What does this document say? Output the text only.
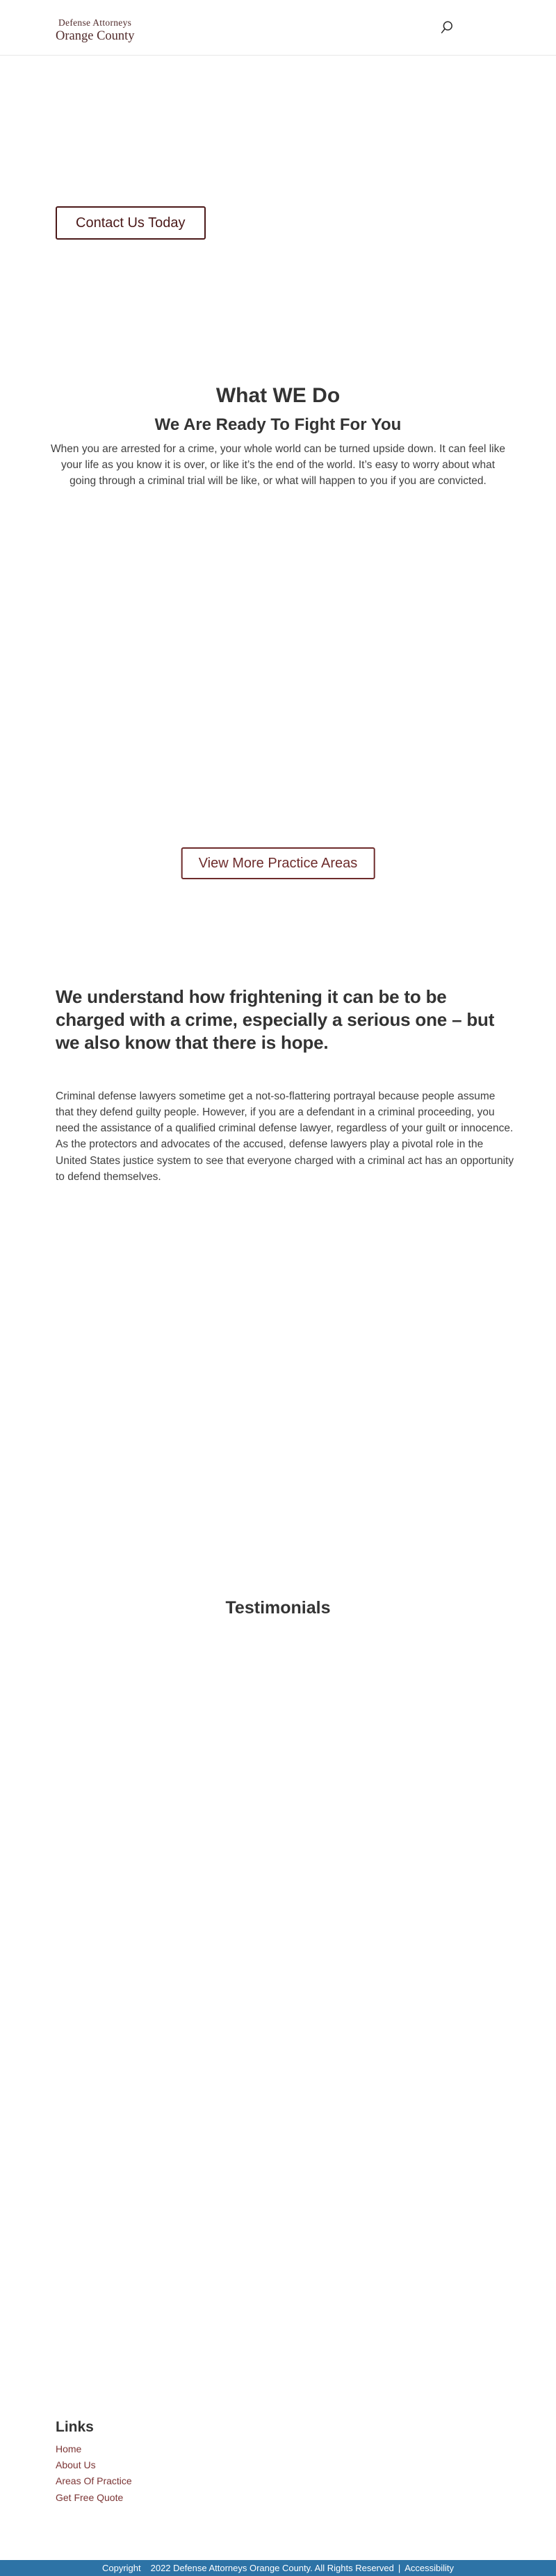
Defense Attorneys
Orange County
Contact Us Today
What WE Do
We Are Ready To Fight For You

When you are arrested for a crime, your whole world can be turned upside down. It can feel like your life as you know it is over, or like it’s the end of the world. It’s easy to worry about what going through a criminal trial will be like, or what will happen to you if you are convicted.

View More Practice Areas
We understand how frightening it can be to be charged with a crime, especially a serious one – but we also know that there is hope.

Criminal defense lawyers sometime get a not-so-flattering portrayal because people assume that they defend guilty people. However, if you are a defendant in a criminal proceeding, you need the assistance of a qualified criminal defense lawyer, regardless of your guilt or innocence. As the protectors and advocates of the accused, defense lawyers play a pivotal role in the United States justice system to see that everyone charged with a criminal act has an opportunity to defend themselves.

Testimonials
Links
Home
About Us
Areas Of Practice
Get Free Quote
Copyright 2022 Defense Attorneys Orange County. All Rights Reserved | Accessibility
